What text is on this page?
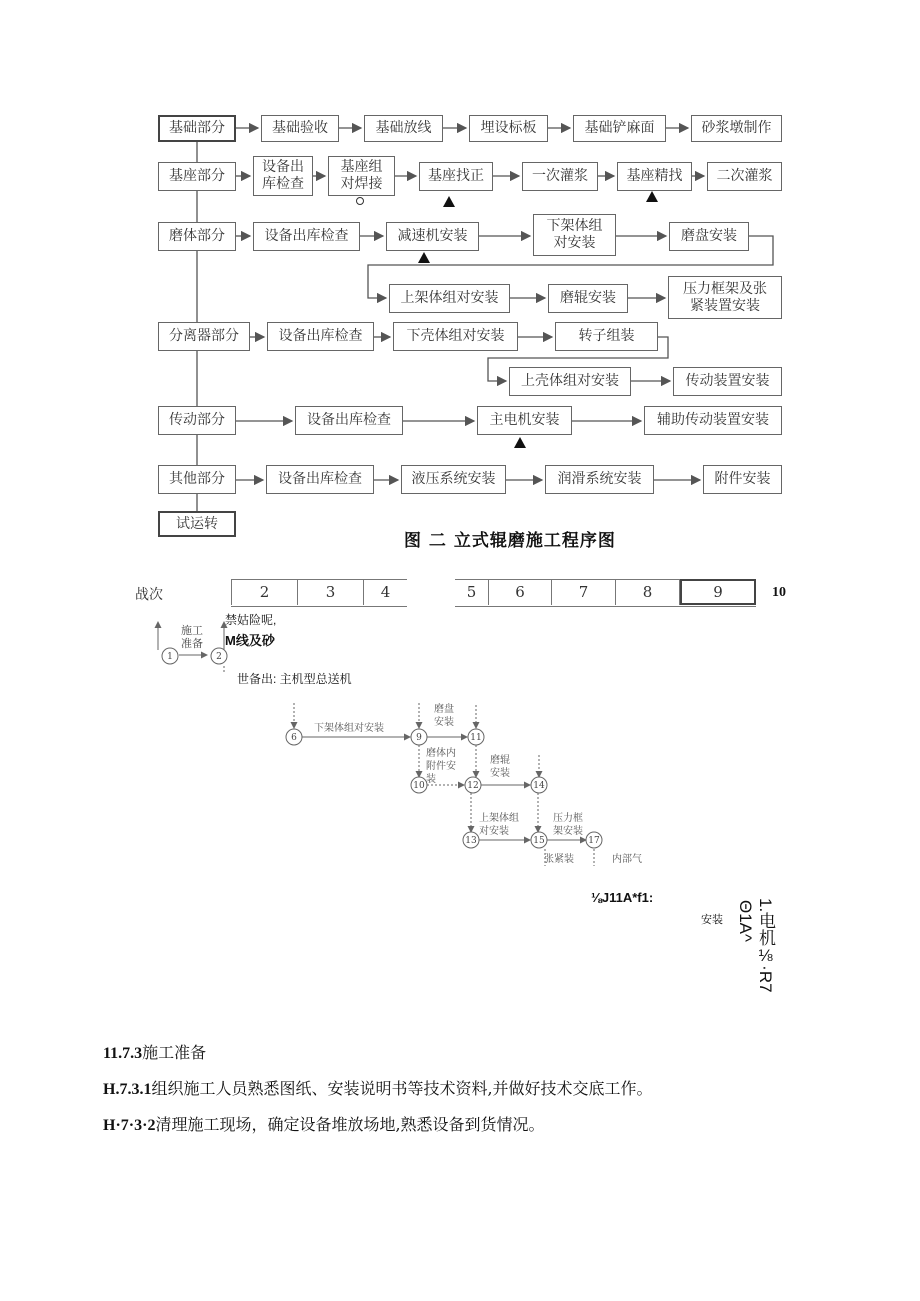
基础部分	基础验收	基础放线	埋设标板	基础铲麻面	砂浆墩制作
基座部分
设备出
库检查
基座组
对焊接	基座找正	一次灌浆	基座精找	二次灌浆
磨体部分	设备出库检查	减速机安装
下架体组
对安装	磨盘安装
上架体组对安装	磨辊安装
压力框架及张
紧装置安装
分离器部分	设备出库检查	下壳体组对安装	转子组装
上壳体组对安装	传动装置安装
传动部分	设备出库检查	主电机安装	辅助传动装置安装
其他部分	设备出库检查	液压系统安装	润滑系统安装	附件安装
试运转
图 二 立式辊磨施工程序图
战次	2	3	4	5	6	7	8	9	10
1	2
6	9	11
10	12	14
13	15	17
下架体组对安装
张紧装	内部气
施工
准备
磨盘
安装
磨体内
附件安
装
磨辊
安装
上架体组
对安装
压力框
架安装
禁姑险呢,
M线及砂
世备出: 主机型总送机
⅛J11A*f1:
安装 1.电机⅛·R7
Θ1A^
11.7.3施工准备
H.7.3.1组织施工人员熟悉图纸、安装说明书等技术资料,并做好技术交底工作。
H·7·3·2清理施工现场，确定设备堆放场地,熟悉设备到货情况。
